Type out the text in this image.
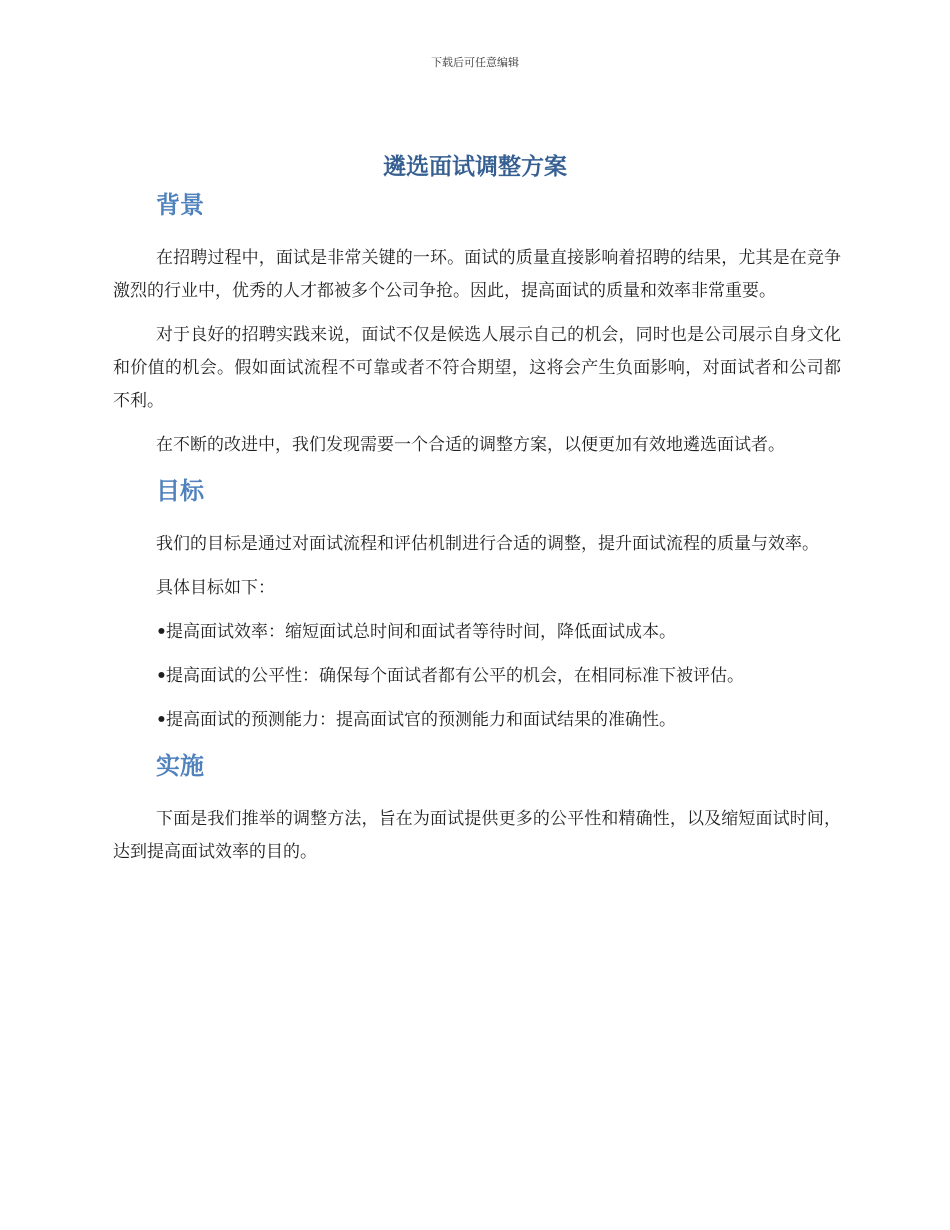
下载后可任意编辑
遴选面试调整方案
背景

在招聘过程中，面试是非常关键的一环。面试的质量直接影响着招聘的结果，尤其是在竞争激烈的行业中，优秀的人才都被多个公司争抢。因此，提高面试的质量和效率非常重要。

对于良好的招聘实践来说，面试不仅是候选人展示自己的机会，同时也是公司展示自身文化和价值的机会。假如面试流程不可靠或者不符合期望，这将会产生负面影响，对面试者和公司都不利。

在不断的改进中，我们发现需要一个合适的调整方案，以便更加有效地遴选面试者。

目标

我们的目标是通过对面试流程和评估机制进行合适的调整，提升面试流程的质量与效率。

具体目标如下：

•提高面试效率：缩短面试总时间和面试者等待时间，降低面试成本。

•提高面试的公平性：确保每个面试者都有公平的机会，在相同标准下被评估。

•提高面试的预测能力：提高面试官的预测能力和面试结果的准确性。

实施

下面是我们推举的调整方法，旨在为面试提供更多的公平性和精确性，以及缩短面试时间，达到提高面试效率的目的。
